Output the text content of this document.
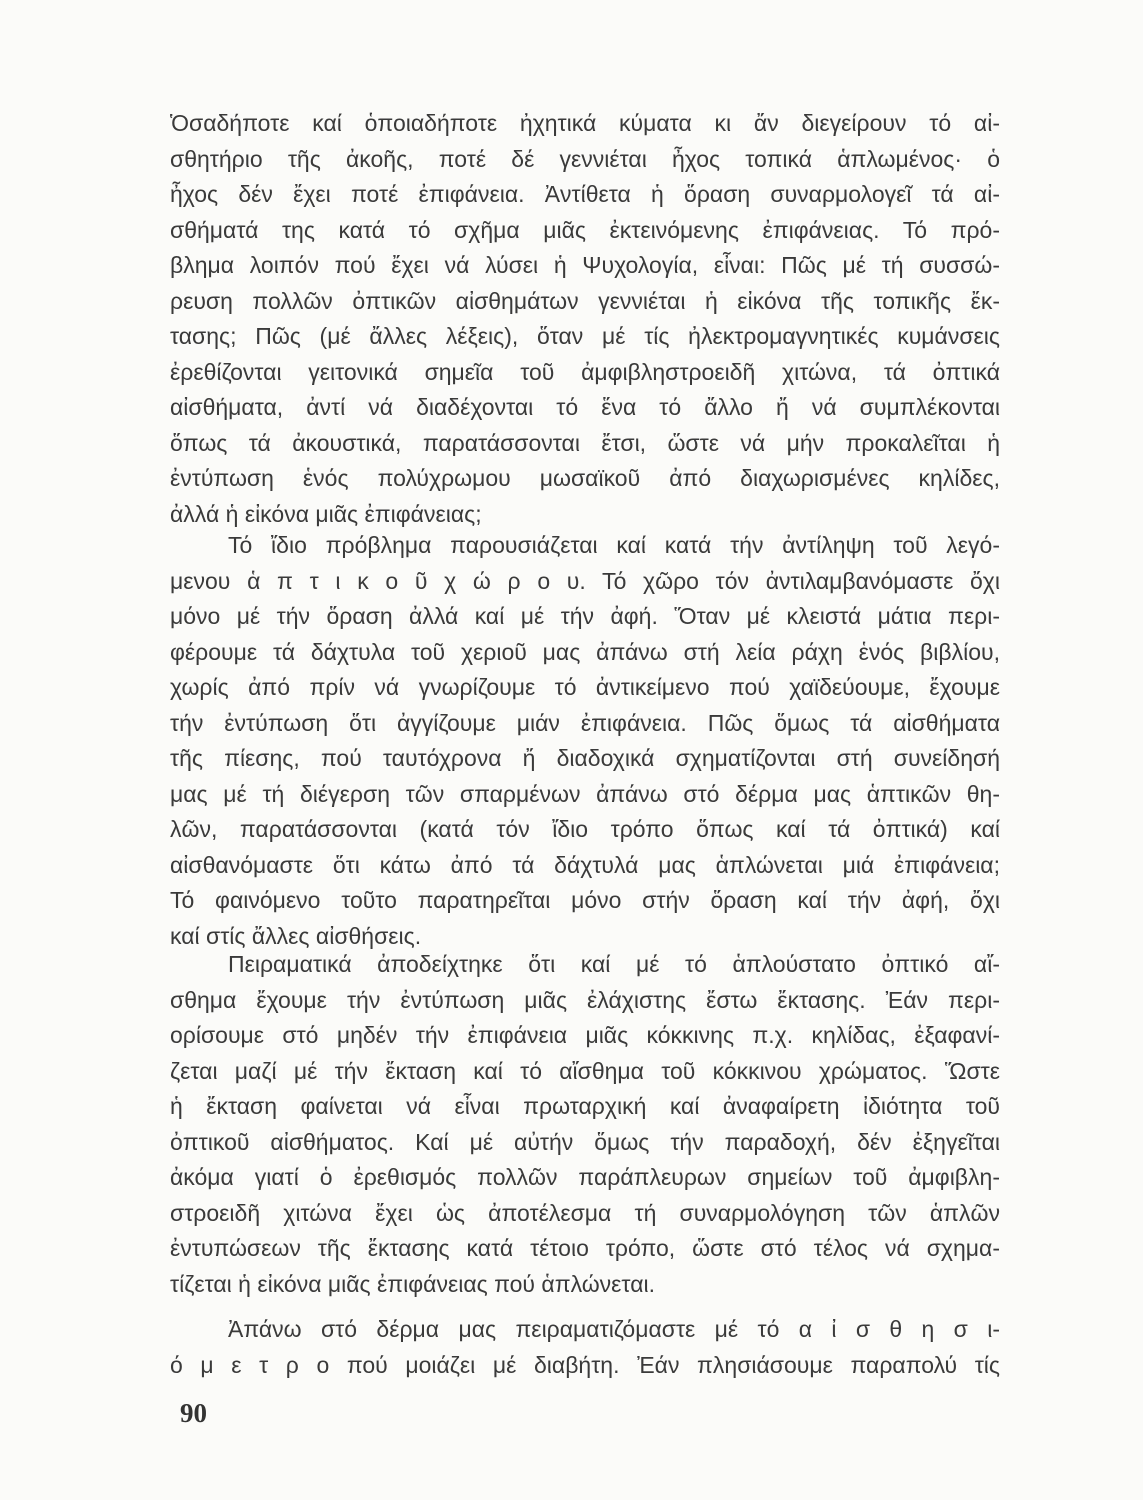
Ὁσαδήποτε καί ὁποιαδήποτε ἠχητικά κύματα κι ἄν διεγείρουν τό αἰ-
σθητήριο τῆς ἀκοῆς, ποτέ δέ γεννιέται ἦχος τοπικά ἁπλωμένος· ὁ
ἦχος δέν ἔχει ποτέ ἐπιφάνεια. Ἀντίθετα ἡ ὅραση συναρμολογεῖ τά αἰ-
σθήματά της κατά τό σχῆμα μιᾶς ἐκτεινόμενης ἐπιφάνειας. Τό πρό-
βλημα λοιπόν πού ἔχει νά λύσει ἡ Ψυχολογία, εἶναι: Πῶς μέ τή συσσώ-
ρευση πολλῶν ὀπτικῶν αἰσθημάτων γεννιέται ἡ εἰκόνα τῆς τοπικῆς ἔκ-
τασης; Πῶς (μέ ἄλλες λέξεις), ὅταν μέ τίς ἠλεκτρομαγνητικές κυμάνσεις
ἐρεθίζονται γειτονικά σημεῖα τοῦ ἀμφιβληστροειδῆ χιτώνα, τά ὀπτικά
αἰσθήματα, ἀντί νά διαδέχονται τό ἕνα τό ἄλλο ἤ νά συμπλέκονται
ὅπως τά ἀκουστικά, παρατάσσονται ἔτσι, ὥστε νά μήν προκαλεῖται ἡ
ἐντύπωση ἑνός πολύχρωμου μωσαϊκοῦ ἀπό διαχωρισμένες κηλίδες,
ἀλλά ἡ εἰκόνα μιᾶς ἐπιφάνειας;
Τό ἴδιο πρόβλημα παρουσιάζεται καί κατά τήν ἀντίληψη τοῦ λεγό-
μενου ἁ π τ ι κ ο ῦ χ ώ ρ ο υ. Τό χῶρο τόν ἀντιλαμβανόμαστε ὄχι
μόνο μέ τήν ὅραση ἀλλά καί μέ τήν ἀφή. Ὅταν μέ κλειστά μάτια περι-
φέρουμε τά δάχτυλα τοῦ χεριοῦ μας ἀπάνω στή λεία ράχη ἑνός βιβλίου,
χωρίς ἀπό πρίν νά γνωρίζουμε τό ἀντικείμενο πού χαϊδεύουμε, ἔχουμε
τήν ἐντύπωση ὅτι ἀγγίζουμε μιάν ἐπιφάνεια. Πῶς ὅμως τά αἰσθήματα
τῆς πίεσης, πού ταυτόχρονα ἤ διαδοχικά σχηματίζονται στή συνείδησή
μας μέ τή διέγερση τῶν σπαρμένων ἀπάνω στό δέρμα μας ἁπτικῶν θη-
λῶν, παρατάσσονται (κατά τόν ἴδιο τρόπο ὅπως καί τά ὀπτικά) καί
αἰσθανόμαστε ὅτι κάτω ἀπό τά δάχτυλά μας ἁπλώνεται μιά ἐπιφάνεια;
Τό φαινόμενο τοῦτο παρατηρεῖται μόνο στήν ὅραση καί τήν ἀφή, ὄχι
καί στίς ἄλλες αἰσθήσεις.
Πειραματικά ἀποδείχτηκε ὅτι καί μέ τό ἁπλούστατο ὀπτικό αἴ-
σθημα ἔχουμε τήν ἐντύπωση μιᾶς ἐλάχιστης ἔστω ἔκτασης. Ἐάν περι-
ορίσουμε στό μηδέν τήν ἐπιφάνεια μιᾶς κόκκινης π.χ. κηλίδας, ἐξαφανί-
ζεται μαζί μέ τήν ἔκταση καί τό αἴσθημα τοῦ κόκκινου χρώματος. Ὥστε
ἡ ἔκταση φαίνεται νά εἶναι πρωταρχική καί ἀναφαίρετη ἰδιότητα τοῦ
ὀπτικοῦ αἰσθήματος. Καί μέ αὐτήν ὅμως τήν παραδοχή, δέν ἐξηγεῖται
ἀκόμα γιατί ὁ ἐρεθισμός πολλῶν παράπλευρων σημείων τοῦ ἀμφιβλη-
στροειδῆ χιτώνα ἔχει ὡς ἀποτέλεσμα τή συναρμολόγηση τῶν ἁπλῶν
ἐντυπώσεων τῆς ἔκτασης κατά τέτοιο τρόπο, ὥστε στό τέλος νά σχημα-
τίζεται ἡ εἰκόνα μιᾶς ἐπιφάνειας πού ἁπλώνεται.
Ἀπάνω στό δέρμα μας πειραματιζόμαστε μέ τό α ἰ σ θ η σ ι-
ό μ ε τ ρ ο πού μοιάζει μέ διαβήτη. Ἐάν πλησιάσουμε παραπολύ τίς
90
